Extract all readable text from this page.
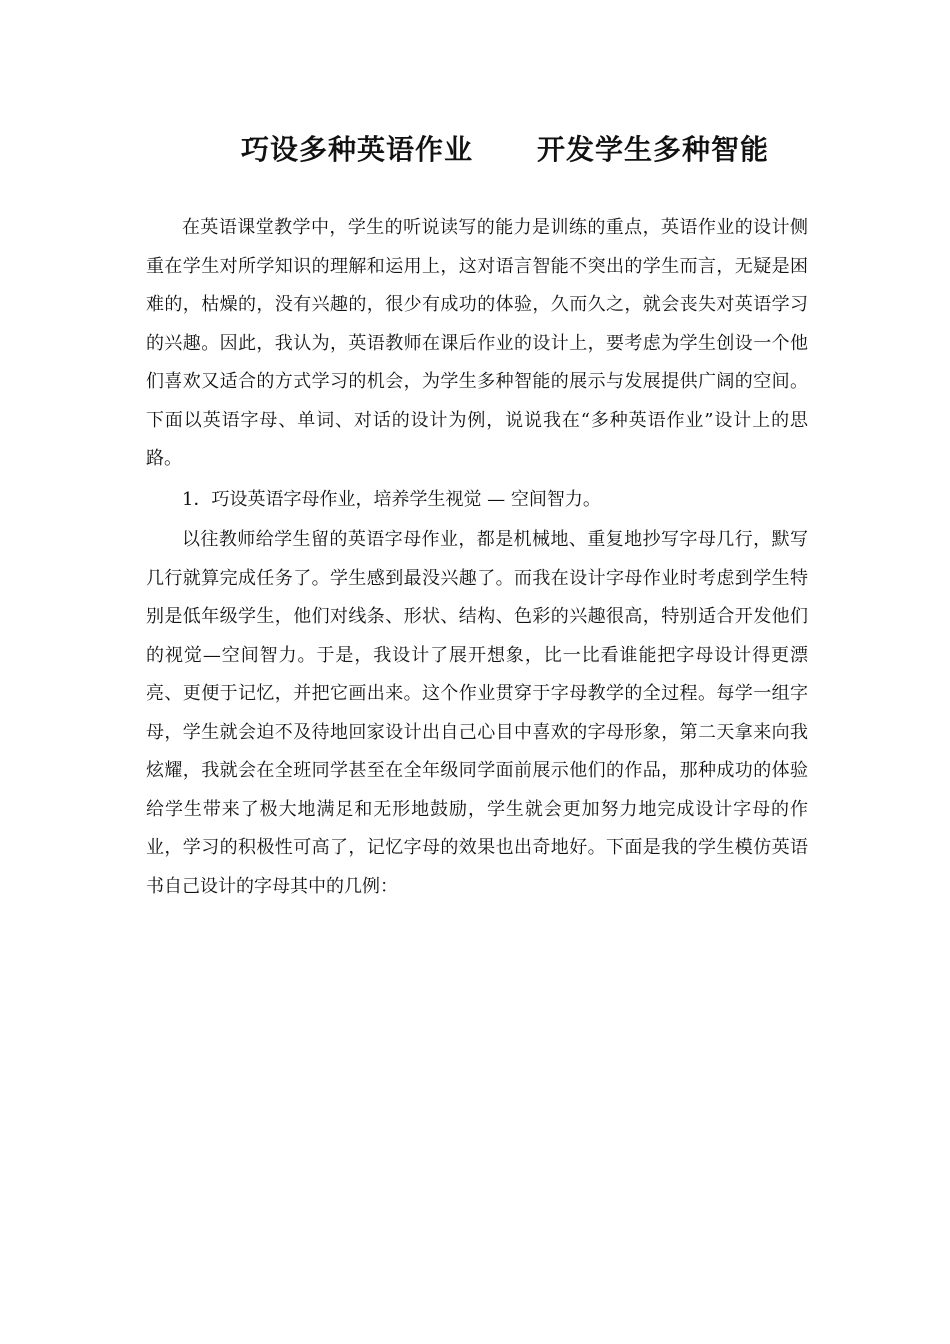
巧设多种英语作业 开发学生多种智能

在英语课堂教学中，学生的听说读写的能力是训练的重点，英语作业的设计侧重在学生对所学知识的理解和运用上，这对语言智能不突出的学生而言，无疑是困难的，枯燥的，没有兴趣的，很少有成功的体验，久而久之，就会丧失对英语学习的兴趣。因此，我认为，英语教师在课后作业的设计上，要考虑为学生创设一个他们喜欢又适合的方式学习的机会，为学生多种智能的展示与发展提供广阔的空间。下面以英语字母、单词、对话的设计为例，说说我在“多种英语作业”设计上的思路。

1．巧设英语字母作业，培养学生视觉 — 空间智力。

以往教师给学生留的英语字母作业，都是机械地、重复地抄写字母几行，默写几行就算完成任务了。学生感到最没兴趣了。而我在设计字母作业时考虑到学生特别是低年级学生，他们对线条、形状、结构、色彩的兴趣很高，特别适合开发他们的视觉—空间智力。于是，我设计了展开想象，比一比看谁能把字母设计得更漂亮、更便于记忆，并把它画出来。这个作业贯穿于字母教学的全过程。每学一组字母，学生就会迫不及待地回家设计出自己心目中喜欢的字母形象，第二天拿来向我炫耀，我就会在全班同学甚至在全年级同学面前展示他们的作品，那种成功的体验给学生带来了极大地满足和无形地鼓励，学生就会更加努力地完成设计字母的作业，学习的积极性可高了，记忆字母的效果也出奇地好。下面是我的学生模仿英语书自己设计的字母其中的几例：
